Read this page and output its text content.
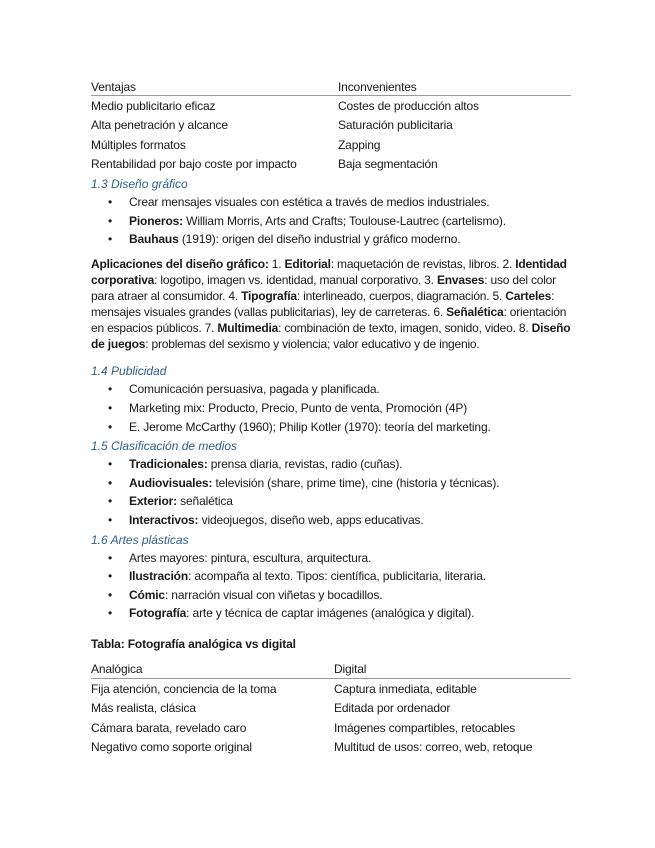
Ventajas	Inconvenientes
Medio publicitario eficaz	Costes de producción altos
Alta penetración y alcance	Saturación publicitaria
Múltiples formatos	Zapping
Rentabilidad por bajo coste por impacto	Baja segmentación
1.3 Diseño gráfico
• Crear mensajes visuales con estética a través de medios industriales.
• Pioneros: William Morris, Arts and Crafts; Toulouse-Lautrec (cartelismo).
• Bauhaus (1919): origen del diseño industrial y gráfico moderno.
Aplicaciones del diseño gráfico: 1. Editorial: maquetación de revistas, libros. 2. Identidad corporativa: logotipo, imagen vs. identidad, manual corporativo. 3. Envases: uso del color para atraer al consumidor. 4. Tipografía: interlineado, cuerpos, diagramación. 5. Carteles: mensajes visuales grandes (vallas publicitarias), ley de carreteras. 6. Señalética: orientación en espacios públicos. 7. Multimedia: combinación de texto, imagen, sonido, video. 8. Diseño de juegos: problemas del sexismo y violencia; valor educativo y de ingenio.
1.4 Publicidad
• Comunicación persuasiva, pagada y planificada.
• Marketing mix: Producto, Precio, Punto de venta, Promoción (4P)
• E. Jerome McCarthy (1960); Philip Kotler (1970): teoría del marketing.
1.5 Clasificación de medios
• Tradicionales: prensa diaria, revistas, radio (cuñas).
• Audiovisuales: televisión (share, prime time), cine (historia y técnicas).
• Exterior: señalética
• Interactivos: videojuegos, diseño web, apps educativas.
1.6 Artes plásticas
• Artes mayores: pintura, escultura, arquitectura.
• Ilustración: acompaña al texto. Tipos: científica, publicitaria, literaria.
• Cómic: narración visual con viñetas y bocadillos.
• Fotografía: arte y técnica de captar imágenes (analógica y digital).
Tabla: Fotografía analógica vs digital
Analógica	Digital
Fija atención, conciencia de la toma	Captura inmediata, editable
Más realista, clásica	Editada por ordenador
Cámara barata, revelado caro	Imágenes compartibles, retocables
Negativo como soporte original	Multitud de usos: correo, web, retoque
